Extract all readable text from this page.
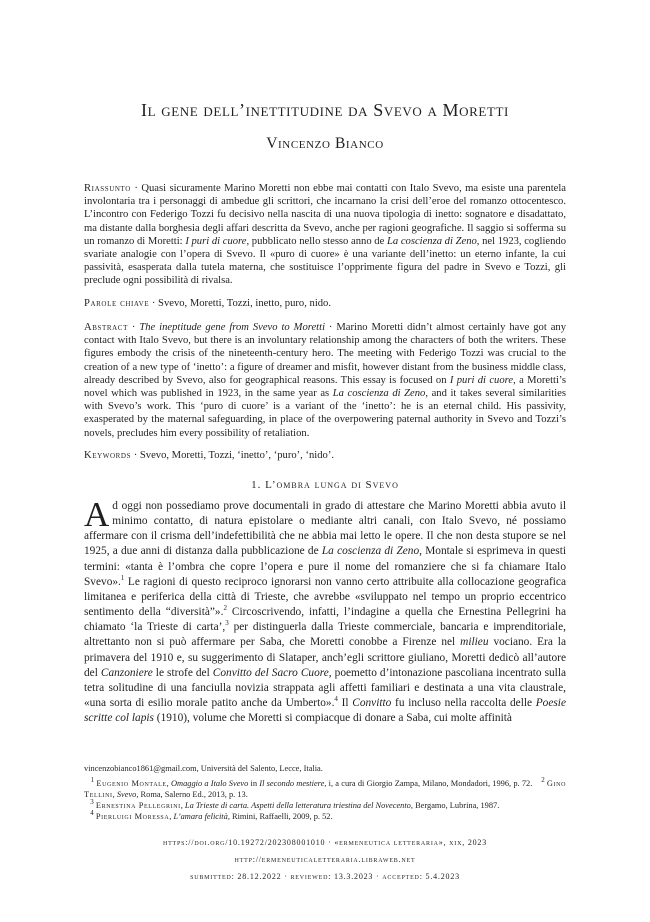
Il gene dell’inettitudine da Svevo a Moretti
Vincenzo Bianco

Riassunto · Quasi sicuramente Marino Moretti non ebbe mai contatti con Italo Svevo, ma esiste una parentela involontaria tra i personaggi di ambedue gli scrittori, che incarnano la crisi dell’eroe del romanzo ottocentesco. L’incontro con Federigo Tozzi fu decisivo nella nascita di una nuova tipologia di inetto: sognatore e disadattato, ma distante dalla borghesia degli affari descritta da Svevo, anche per ragioni geografiche. Il saggio si sofferma su un romanzo di Moretti: I puri di cuore, pubblicato nello stesso anno de La coscienza di Zeno, nel 1923, cogliendo svariate analogie con l’opera di Svevo. Il «puro di cuore» è una variante dell’inetto: un eterno infante, la cui passività, esasperata dalla tutela materna, che sostituisce l’opprimente figura del padre in Svevo e Tozzi, gli preclude ogni possibilità di rivalsa.

Parole chiave · Svevo, Moretti, Tozzi, inetto, puro, nido.

Abstract · The ineptitude gene from Svevo to Moretti · Marino Moretti didn’t almost certainly have got any contact with Italo Svevo, but there is an involuntary relationship among the characters of both the writers. These figures embody the crisis of the nineteenth-century hero. The meeting with Federigo Tozzi was crucial to the creation of a new type of ‘inetto’: a figure of dreamer and misfit, however distant from the business middle class, already described by Svevo, also for geographical reasons. This essay is focused on I puri di cuore, a Moretti’s novel which was published in 1923, in the same year as La coscienza di Zeno, and it takes several similarities with Svevo’s work. This ‘puro di cuore’ is a variant of the ‘inetto’: he is an eternal child. His passivity, exasperated by the maternal safeguarding, in place of the overpowering paternal authority in Svevo and Tozzi’s novels, precludes him every possibility of retaliation.

Keywords · Svevo, Moretti, Tozzi, ‘inetto’, ‘puro’, ‘nido’.

1. L’ombra lunga di Svevo

Ad oggi non possediamo prove documentali in grado di attestare che Marino Moretti abbia avuto il minimo contatto, di natura epistolare o mediante altri canali, con Italo Svevo, né possiamo affermare con il crisma dell’indefettibilità che ne abbia mai letto le opere. Il che non desta stupore se nel 1925, a due anni di distanza dalla pubblicazione de La coscienza di Zeno, Montale si esprimeva in questi termini: «tanta è l’ombra che copre l’opera e pure il nome del romanziere che si fa chiamare Italo Svevo».$^1$ Le ragioni di questo reciproco ignorarsi non vanno certo attribuite alla collocazione geografica limitanea e periferica della città di Trieste, che avrebbe «sviluppato nel tempo un proprio eccentrico sentimento della “diversità”».$^2$ Circoscrivendo, infatti, l’indagine a quella che Ernestina Pellegrini ha chiamato ‘la Trieste di carta’,$^3$ per distinguerla dalla Trieste commerciale, bancaria e imprenditoriale, altrettanto non si può affermare per Saba, che Moretti conobbe a Firenze nel milieu vociano. Era la primavera del 1910 e, su suggerimento di Slataper, anch’egli scrittore giuliano, Moretti dedicò all’autore del Canzoniere le strofe del Convitto del Sacro Cuore, poemetto d’intonazione pascoliana incentrato sulla tetra solitudine di una fanciulla novizia strappata agli affetti familiari e destinata a una vita claustrale, «una sorta di esilio morale patito anche da Umberto».$^4$ Il Convitto fu incluso nella raccolta delle Poesie scritte col lapis (1910), volume che Moretti si compiacque di donare a Saba, cui molte affinità

vincenzobianco1861@gmail.com, Università del Salento, Lecce, Italia.

$^1$ Eugenio Montale, Omaggio a Italo Svevo in Il secondo mestiere, i, a cura di Giorgio Zampa, Milano, Mondadori, 1996, p. 72. $^2$ Gino Tellini, Svevo, Roma, Salerno Ed., 2013, p. 13.

$^3$ Ernestina Pellegrini, La Trieste di carta. Aspetti della letteratura triestina del Novecento, Bergamo, Lubrina, 1987.

$^4$ Pierluigi Moressa, L’amara felicità, Rimini, Raffaelli, 2009, p. 52.

https://doi.org/10.19272/202308001010 · «ermeneutica letteraria», xix, 2023
http://ermeneuticaletteraria.libraweb.net
submitted: 28.12.2022 · reviewed: 13.3.2023 · accepted: 5.4.2023
